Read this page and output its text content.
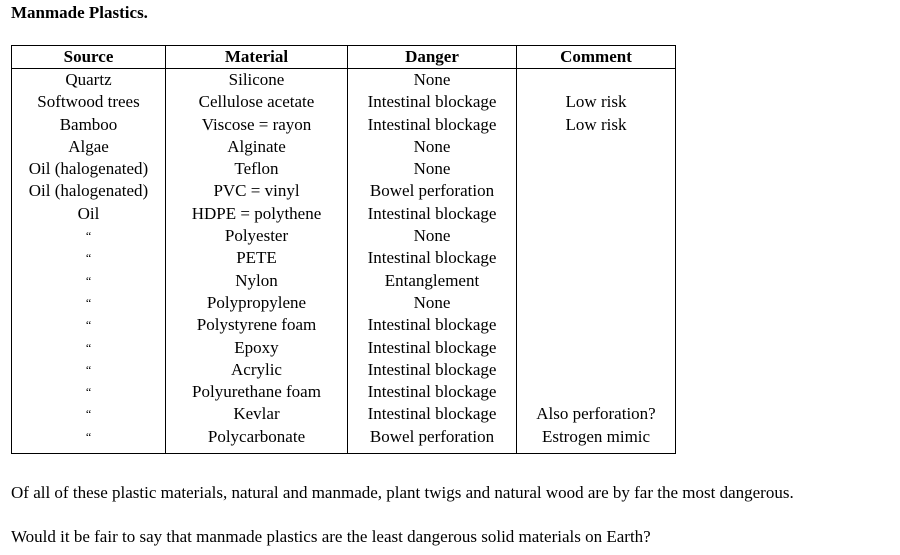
Manmade Plastics.
Source	Material	Danger	Comment
Quartz	Silicone	None	
Softwood trees	Cellulose acetate	Intestinal blockage	Low risk
Bamboo	Viscose = rayon	Intestinal blockage	Low risk
Algae	Alginate	None	
Oil (halogenated)	Teflon	None	
Oil (halogenated)	PVC = vinyl	Bowel perforation	
Oil	HDPE = polythene	Intestinal blockage	
“	Polyester	None	
“	PETE	Intestinal blockage	
“	Nylon	Entanglement	
“	Polypropylene	None	
“	Polystyrene foam	Intestinal blockage	
“	Epoxy	Intestinal blockage	
“	Acrylic	Intestinal blockage	
“	Polyurethane foam	Intestinal blockage	
“	Kevlar	Intestinal blockage	Also perforation?
“	Polycarbonate	Bowel perforation	Estrogen mimic
Of all of these plastic materials, natural and manmade, plant twigs and natural wood are by far the most dangerous.
Would it be fair to say that manmade plastics are the least dangerous solid materials on Earth?
